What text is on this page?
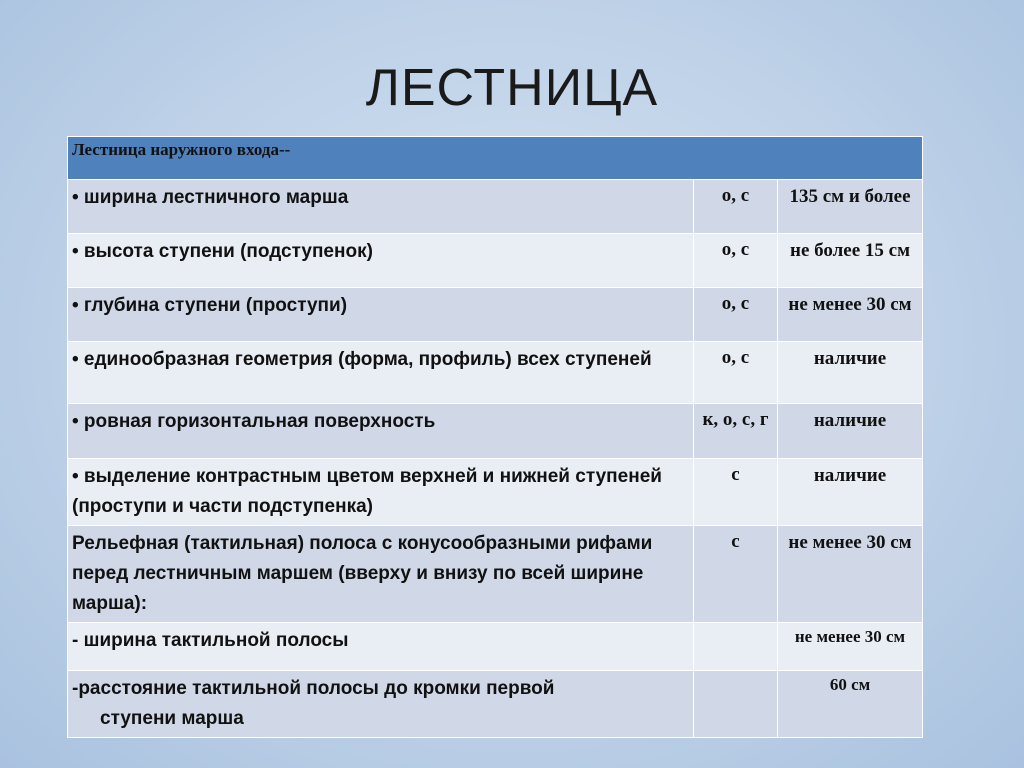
ЛЕСТНИЦА
Лестница наружного входа--		
• ширина лестничного марша	о, с	135 см и более
• высота ступени (подступенок)	о, с	не более 15 см
• глубина ступени (проступи)	о, с	не менее 30 см
• единообразная геометрия (форма, профиль) всех ступеней	о, с	наличие
• ровная горизонтальная поверхность	к, о, с, г	наличие
• выделение контрастным цветом верхней и нижней ступеней (проступи и части подступенка)	с	наличие
Рельефная (тактильная) полоса с конусообразными рифами перед лестничным маршем (вверху и внизу по всей ширине марша):	с	не менее 30 см
- ширина тактильной полосы		не менее 30 см
-расстояние тактильной полосы до кромки первой
ступени марша		60 см
